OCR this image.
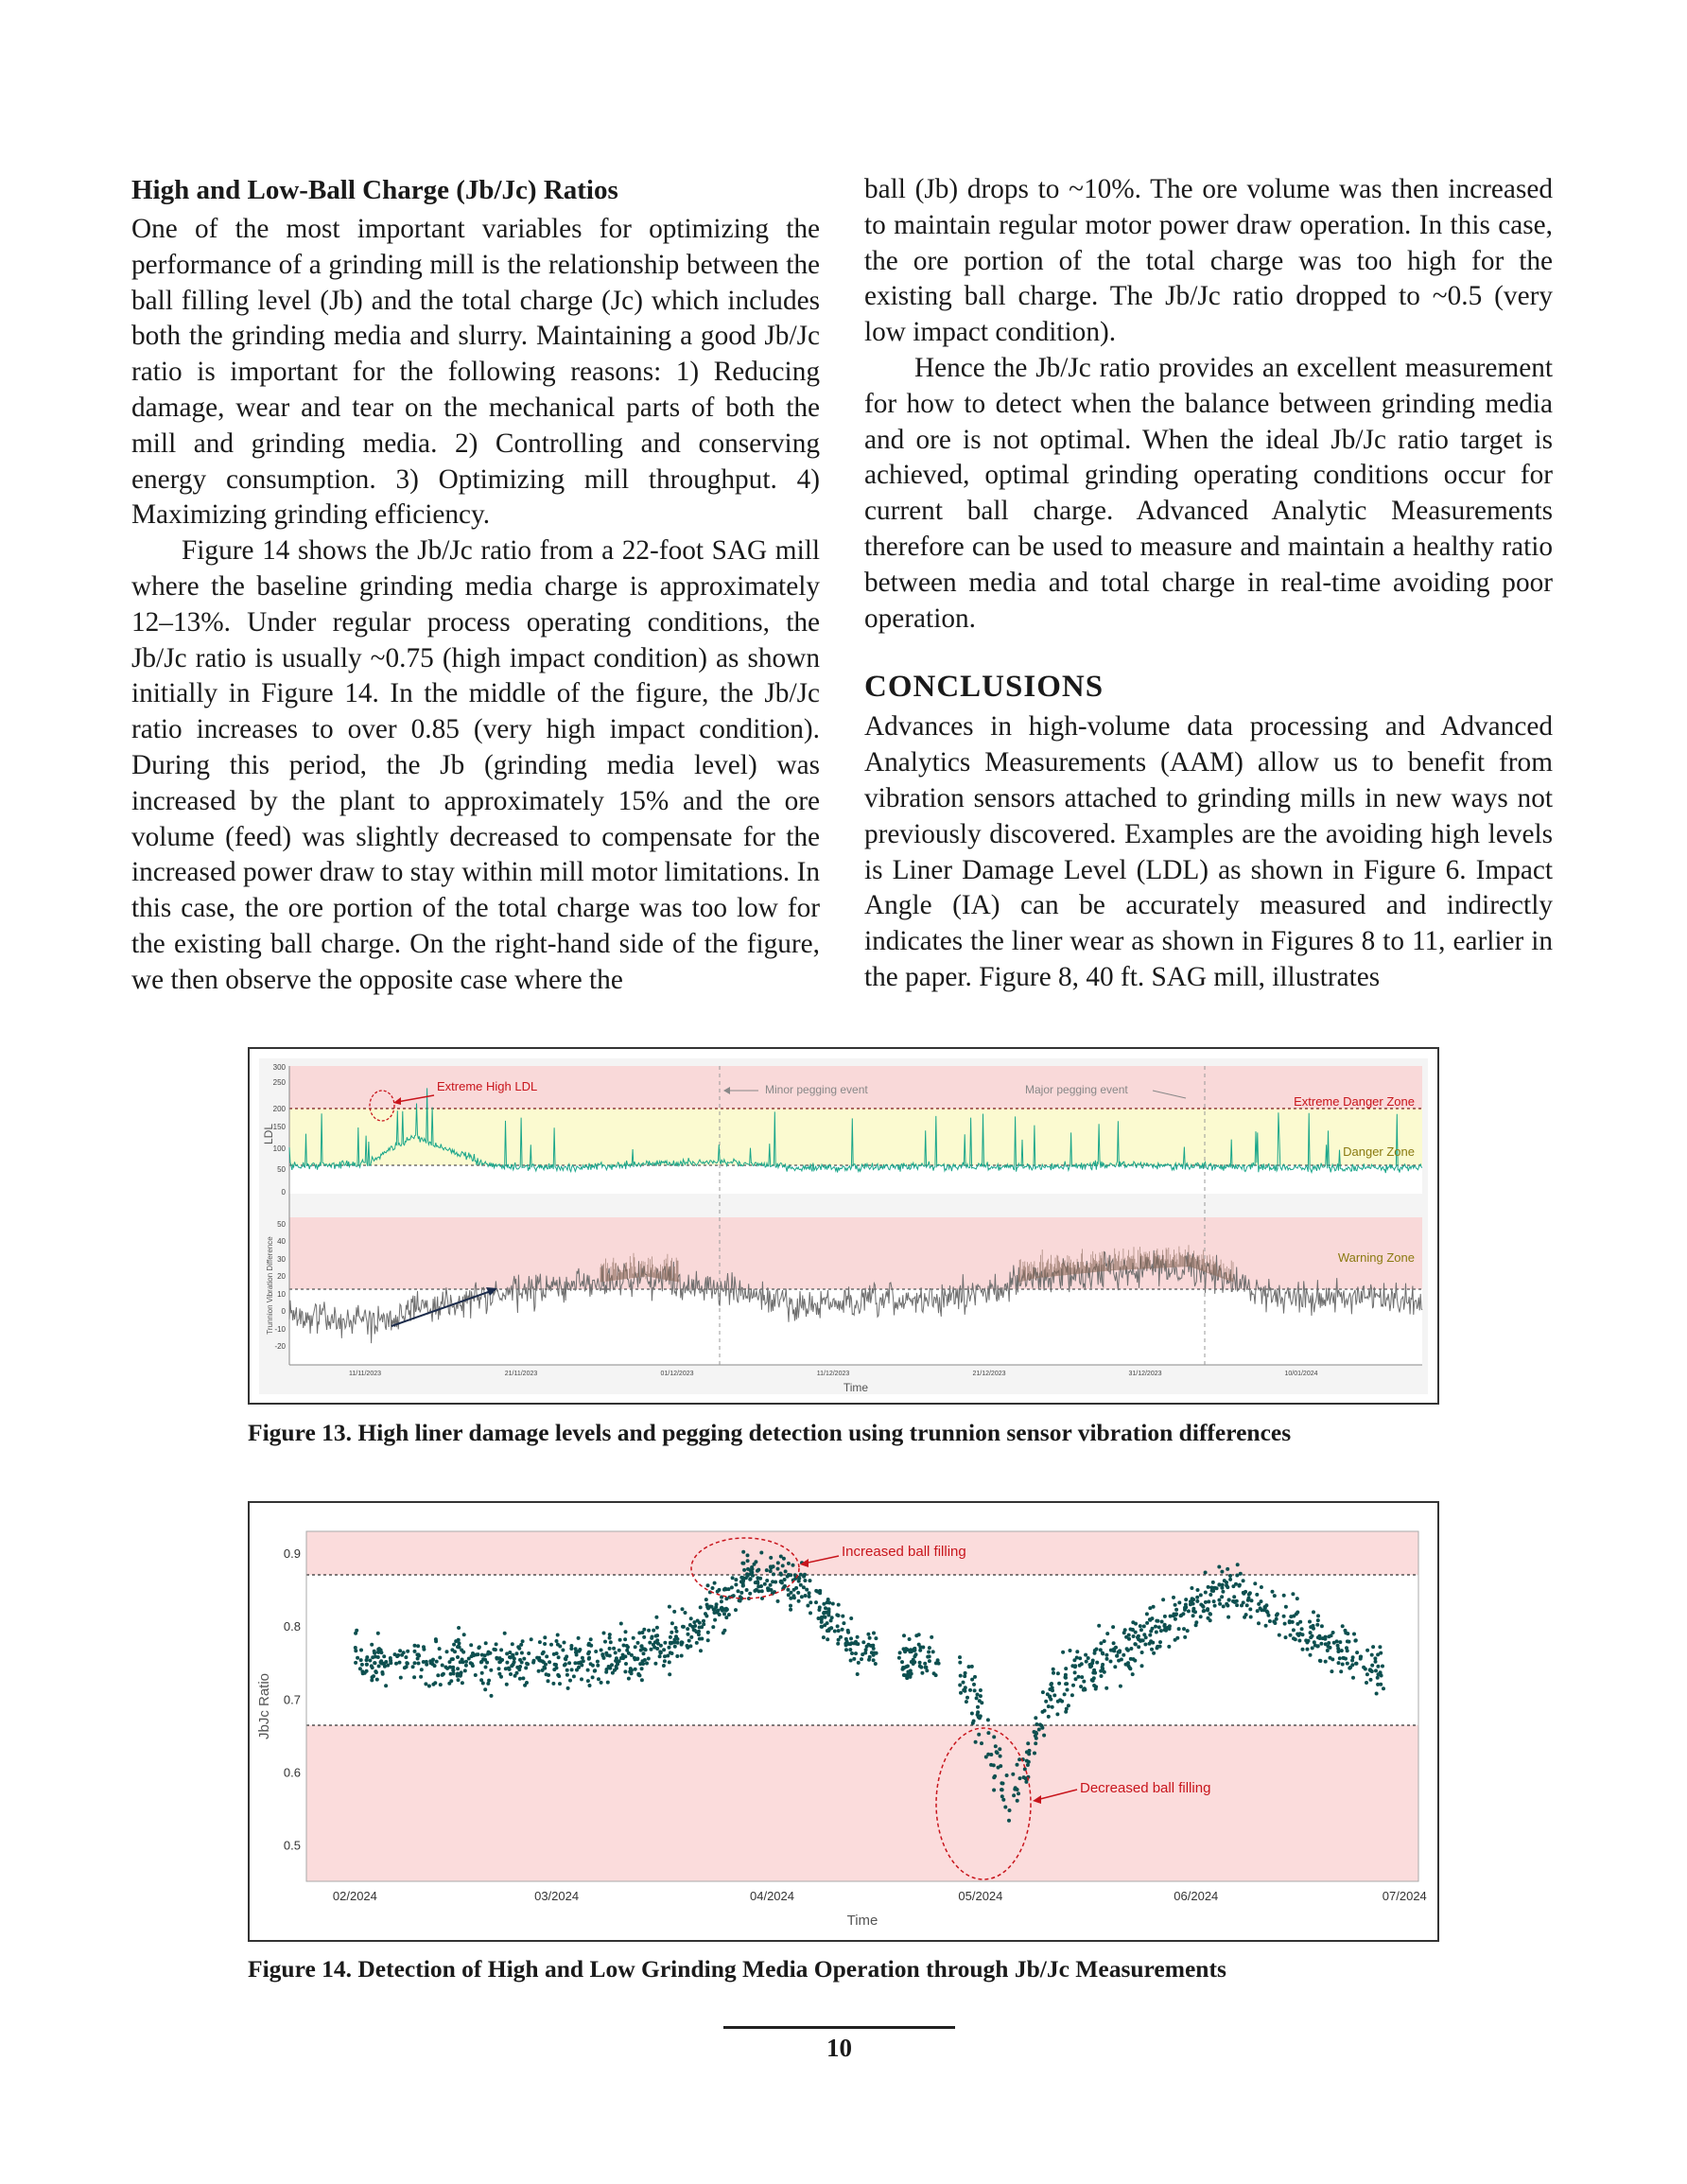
High and Low-Ball Charge (Jb/Jc) Ratios

One of the most important variables for optimizing the performance of a grinding mill is the relationship between the ball filling level (Jb) and the total charge (Jc) which includes both the grinding media and slurry. Maintaining a good Jb/Jc ratio is important for the following reasons: 1) Reducing damage, wear and tear on the mechanical parts of both the mill and grinding media. 2) Controlling and conserving energy consumption. 3) Optimizing mill throughput. 4) Maximizing grinding efficiency.

Figure 14 shows the Jb/Jc ratio from a 22-foot SAG mill where the baseline grinding media charge is approximately 12–13%. Under regular process operating conditions, the Jb/Jc ratio is usually ~0.75 (high impact condition) as shown initially in Figure 14. In the middle of the figure, the Jb/Jc ratio increases to over 0.85 (very high impact condition). During this period, the Jb (grinding media level) was increased by the plant to approximately 15% and the ore volume (feed) was slightly decreased to compensate for the increased power draw to stay within mill motor limitations. In this case, the ore portion of the total charge was too low for the existing ball charge. On the right-hand side of the figure, we then observe the opposite case where the

ball (Jb) drops to ~10%. The ore volume was then increased to maintain regular motor power draw operation. In this case, the ore portion of the total charge was too high for the existing ball charge. The Jb/Jc ratio dropped to ~0.5 (very low impact condition).

Hence the Jb/Jc ratio provides an excellent measurement for how to detect when the balance between grinding media and ore is not optimal. When the ideal Jb/Jc ratio target is achieved, optimal grinding operating conditions occur for current ball charge. Advanced Analytic Measurements therefore can be used to measure and maintain a healthy ratio between media and total charge in real-time avoiding poor operation.

CONCLUSIONS

Advances in high-volume data processing and Advanced Analytics Measurements (AAM) allow us to benefit from vibration sensors attached to grinding mills in new ways not previously discovered. Examples are the avoiding high levels is Liner Damage Level (LDL) as shown in Figure 6. Impact Angle (IA) can be accurately measured and indirectly indicates the liner wear as shown in Figures 8 to 11, earlier in the paper. Figure 8, 40 ft. SAG mill, illustrates

300
250
200
150
100
50
0
50
40
30
20
10
0
-10
-20
11/11/2023	21/11/2023	01/12/2023	11/12/2023	21/12/2023	31/12/2023	10/01/2024
Time
LDL
Trunnion Vibration Difference
Extreme High LDL	Minor pegging event	Major pegging event
Extreme Danger Zone
Danger Zone
Warning Zone
Figure 13. High liner damage levels and pegging detection using trunnion sensor vibration differences
0.5
0.6
0.7
0.8
0.9
02/2024	03/2024	04/2024	05/2024	06/2024	07/2024
Time
JbJc Ratio
Increased ball filling
Decreased ball filling
Figure 14. Detection of High and Low Grinding Media Operation through Jb/Jc Measurements
10
